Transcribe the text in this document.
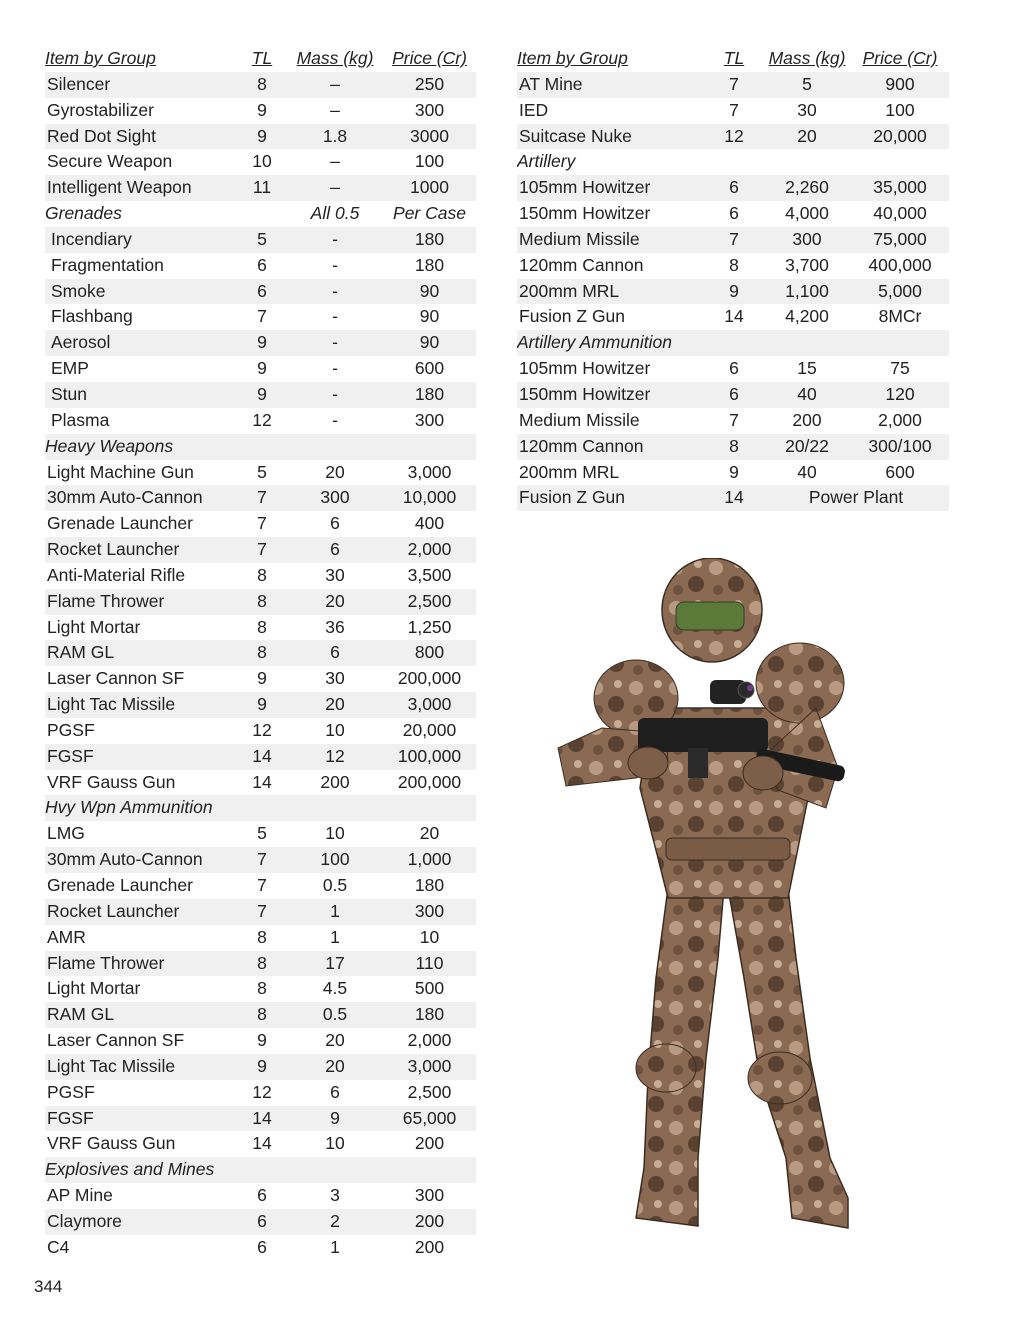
Item by Group	TL	Mass (kg)	Price (Cr)
Silencer	8	–	250
Gyrostabilizer	9	–	300
Red Dot Sight	9	1.8	3000
Secure Weapon	10	–	100
Intelligent Weapon	11	–	1000
Grenades		All 0.5	Per Case
Incendiary	5	-	180
Fragmentation	6	-	180
Smoke	6	-	90
Flashbang	7	-	90
Aerosol	9	-	90
EMP	9	-	600
Stun	9	-	180
Plasma	12	-	300
Heavy Weapons			
Light Machine Gun	5	20	3,000
30mm Auto-Cannon	7	300	10,000
Grenade Launcher	7	6	400
Rocket Launcher	7	6	2,000
Anti-Material Rifle	8	30	3,500
Flame Thrower	8	20	2,500
Light Mortar	8	36	1,250
RAM GL	8	6	800
Laser Cannon SF	9	30	200,000
Light Tac Missile	9	20	3,000
PGSF	12	10	20,000
FGSF	14	12	100,000
VRF Gauss Gun	14	200	200,000
Hvy Wpn Ammunition			
LMG	5	10	20
30mm Auto-Cannon	7	100	1,000
Grenade Launcher	7	0.5	180
Rocket Launcher	7	1	300
AMR	8	1	10
Flame Thrower	8	17	110
Light Mortar	8	4.5	500
RAM GL	8	0.5	180
Laser Cannon SF	9	20	2,000
Light Tac Missile	9	20	3,000
PGSF	12	6	2,500
FGSF	14	9	65,000
VRF Gauss Gun	14	10	200
Explosives and Mines			
AP Mine	6	3	300
Claymore	6	2	200
C4	6	1	200
Item by Group	TL	Mass (kg)	Price (Cr)
AT Mine	7	5	900
IED	7	30	100
Suitcase Nuke	12	20	20,000
Artillery			
105mm Howitzer	6	2,260	35,000
150mm Howitzer	6	4,000	40,000
Medium Missile	7	300	75,000
120mm Cannon	8	3,700	400,000
200mm MRL	9	1,100	5,000
Fusion Z Gun	14	4,200	8MCr
Artillery Ammunition			
105mm Howitzer	6	15	75
150mm Howitzer	6	40	120
Medium Missile	7	200	2,000
120mm Cannon	8	20/22	300/100
200mm MRL	9	40	600
Fusion Z Gun	14	Power Plant	
344
